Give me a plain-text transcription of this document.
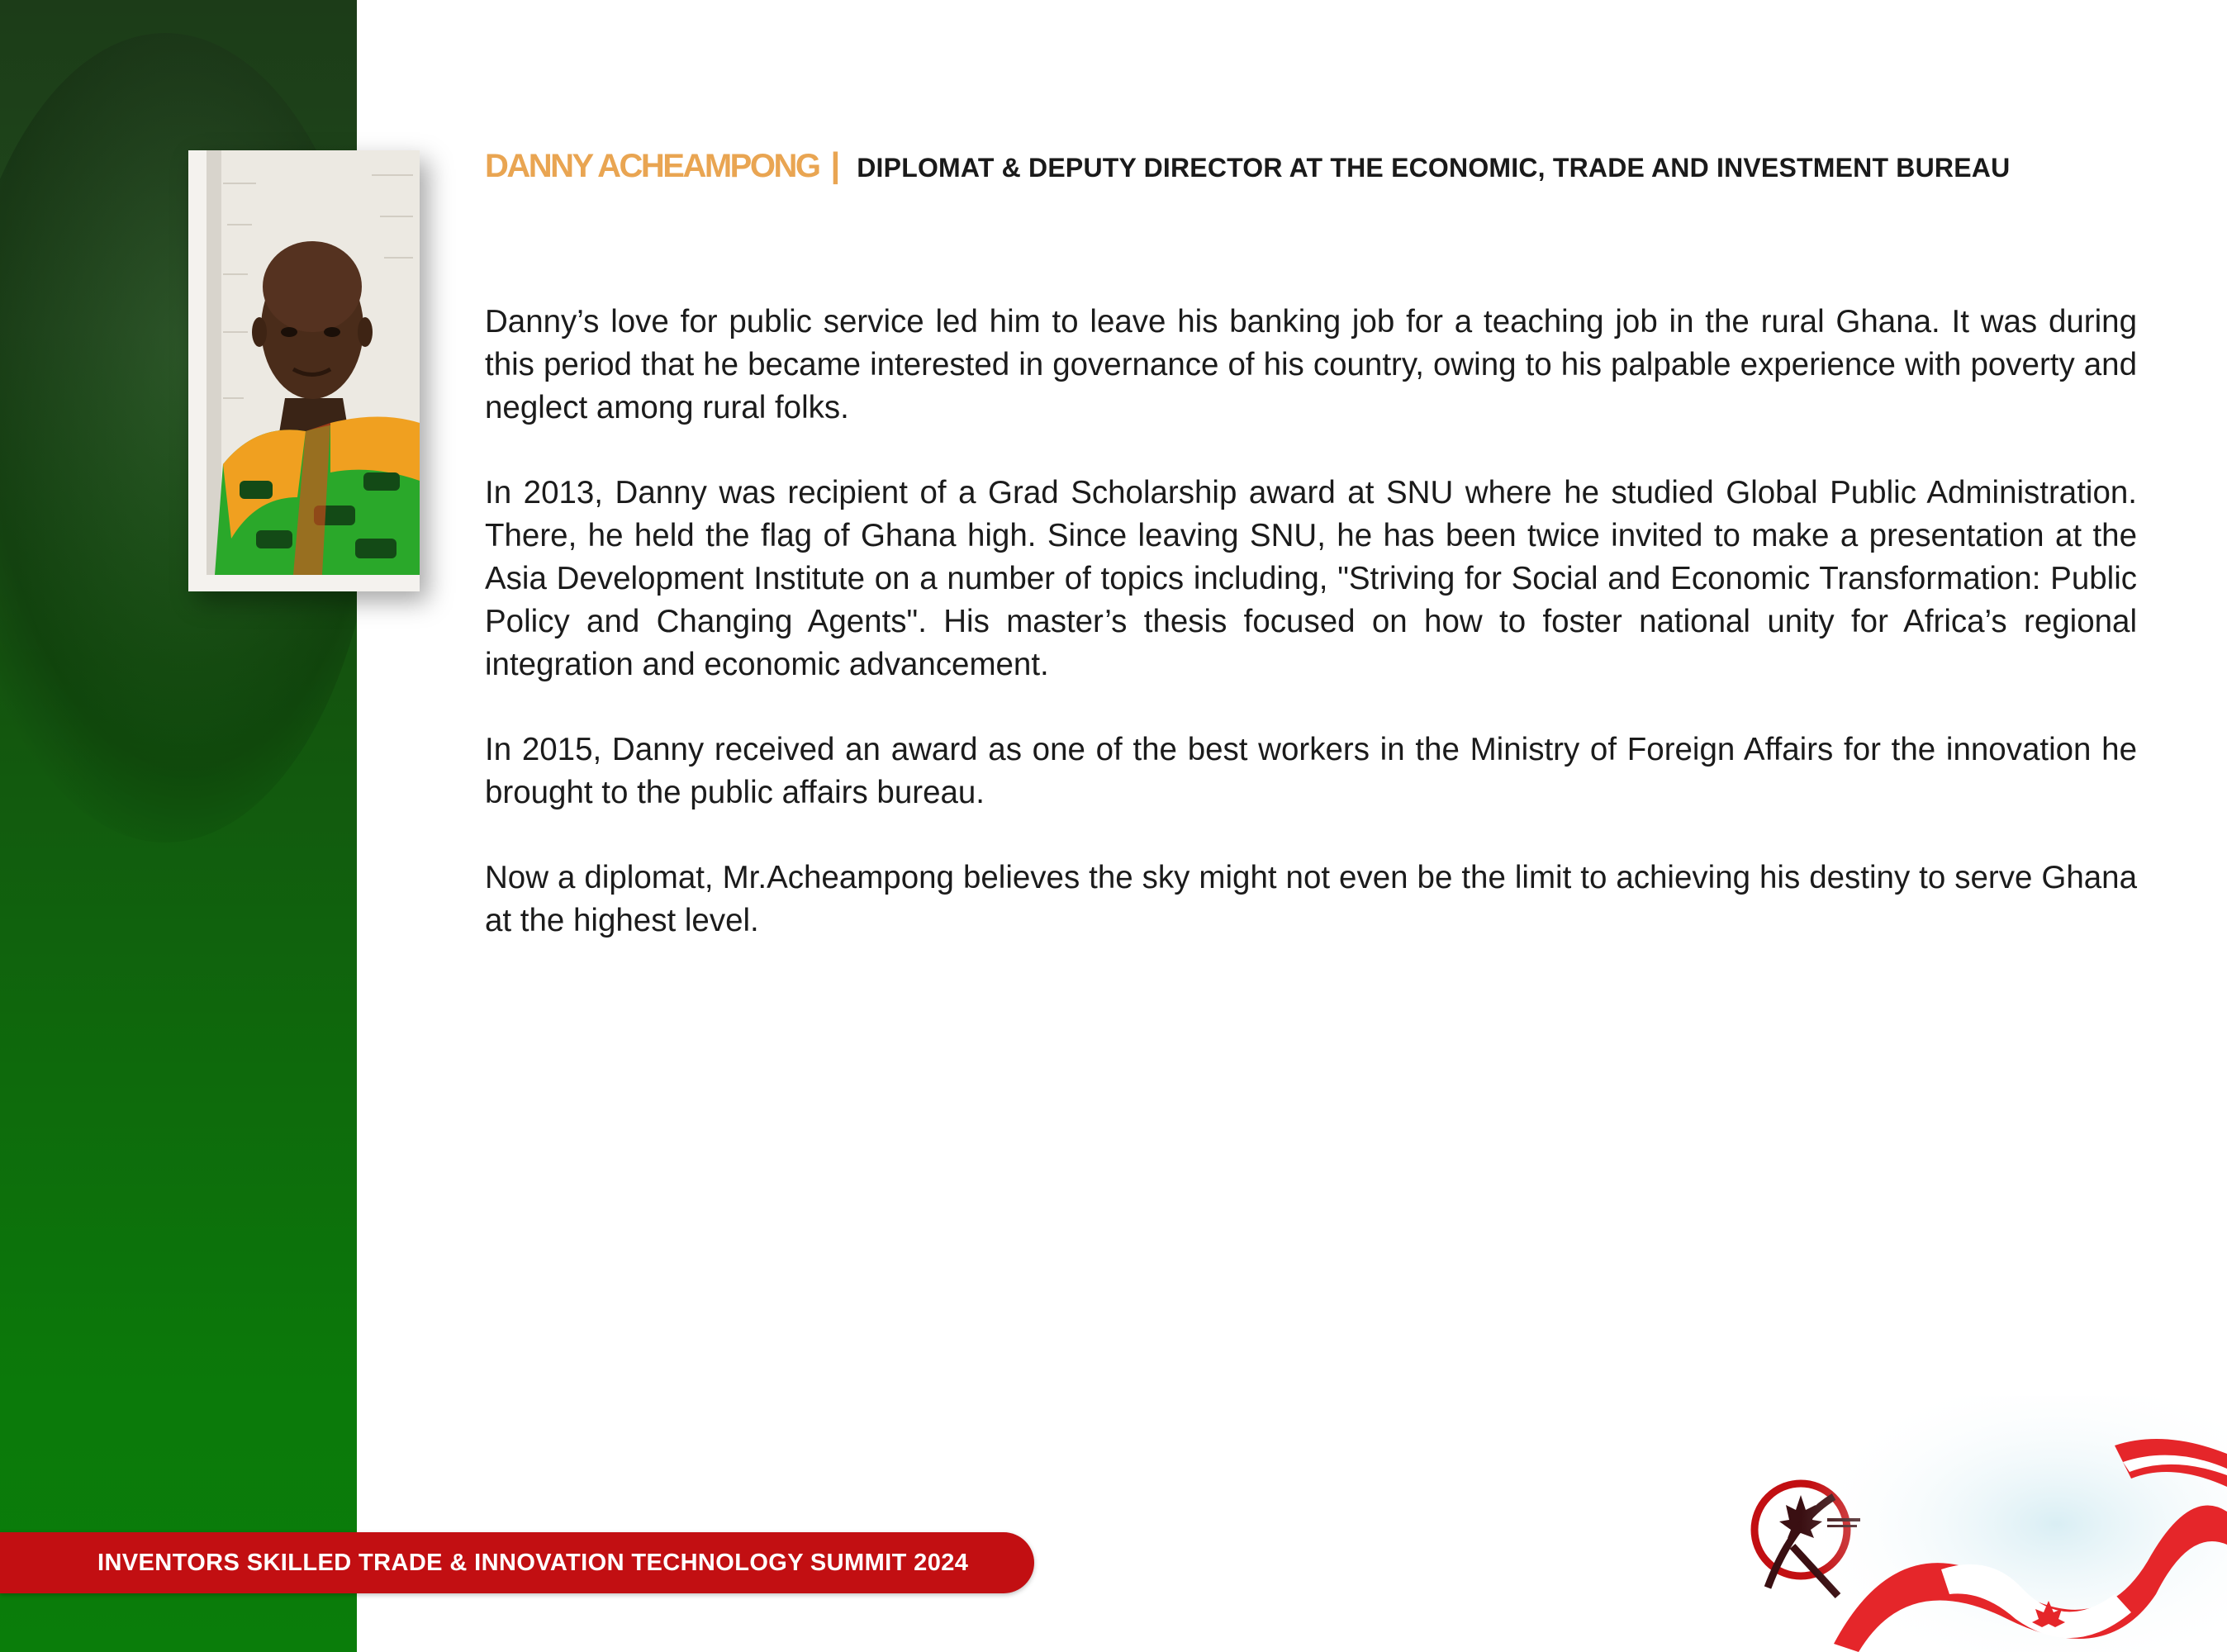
DANNY ACHEAMPONG | DIPLOMAT & DEPUTY DIRECTOR AT THE ECONOMIC, TRADE AND INVESTMENT BUREAU

Danny’s love for public service led him to leave his banking job for a teaching job in the rural Ghana. It was during this period that he became interested in governance of his country, owing to his palpable experience with poverty and neglect among rural folks.

In 2013, Danny was recipient of a Grad Scholarship award at SNU where he studied Global Public Administration. There, he held the flag of Ghana high. Since leaving SNU, he has been twice invited to make a presentation at the Asia Development Institute on a number of topics including, "Striving for Social and Economic Transformation: Public Policy and Changing Agents". His master’s thesis focused on how to foster national unity for Africa’s regional integration and economic advancement.

In 2015, Danny received an award as one of the best workers in the Ministry of Foreign Affairs for the innovation he brought to the public affairs bureau.

Now a diplomat, Mr.Acheampong believes the sky might not even be the limit to achieving his destiny to serve Ghana at the highest level.

INVENTORS SKILLED TRADE & INNOVATION TECHNOLOGY SUMMIT 2024
